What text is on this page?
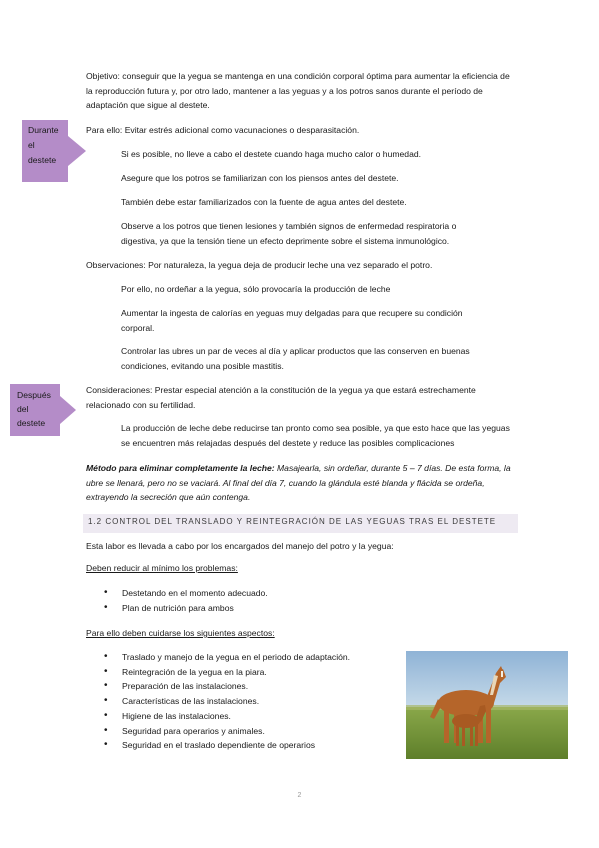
Objetivo: conseguir que la yegua se mantenga en una condición corporal óptima para aumentar la eficiencia de la reproducción futura y, por otro lado, mantener a las yeguas y a los potros sanos durante el período de adaptación que sigue al destete.

Durante el destete

Para ello: Evitar estrés adicional como vacunaciones o desparasitación.

Si es posible, no lleve a cabo el destete cuando haga mucho calor o humedad.

Asegure que los potros se familiarizan con los piensos antes del destete.

También debe estar familiarizados con la fuente de agua antes del destete.

Observe a los potros que tienen lesiones y también signos de enfermedad respiratoria o digestiva, ya que la tensión tiene un efecto deprimente sobre el sistema inmunológico.

Observaciones: Por naturaleza, la yegua deja de producir leche una vez separado el potro.

Por ello, no ordeñar a la yegua, sólo provocaría la producción de leche

Aumentar la ingesta de calorías en yeguas muy delgadas para que recupere su condición corporal.

Controlar las ubres un par de veces al día y aplicar productos que las conserven en buenas condiciones, evitando una posible mastitis.

Después del destete

Consideraciones: Prestar especial atención a la constitución de la yegua ya que estará estrechamente relacionado con su fertilidad.

La producción de leche debe reducirse tan pronto como sea posible, ya que esto hace que las yeguas se encuentren más relajadas después del destete y reduce las posibles complicaciones

Método para eliminar completamente la leche: Masajearla, sin ordeñar, durante 5 – 7 días. De esta forma, la ubre se llenará, pero no se vaciará. Al final del día 7, cuando la glándula esté blanda y flácida se ordeña, extrayendo la secreción que aún contenga.

1.2 CONTROL DEL TRANSLADO Y REINTEGRACIÓN DE LAS YEGUAS TRAS EL DESTETE

Esta labor es llevada a cabo por los encargados del manejo del potro y la yegua:

Deben reducir al mínimo los problemas:

• Destetando en el momento adecuado.
• Plan de nutrición para ambos

Para ello deben cuidarse los siguientes aspectos:

• Traslado y manejo de la yegua en el periodo de adaptación.
• Reintegración de la yegua en la piara.
• Preparación de las instalaciones.
• Características de las instalaciones.
• Higiene de las instalaciones.
• Seguridad para operarios y animales.
• Seguridad en el traslado dependiente de operarios
2
